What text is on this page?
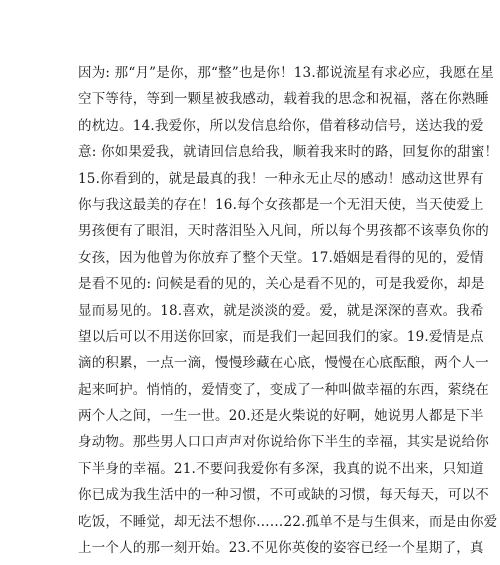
因为: 那“月”是你，那“整”也是你！13.都说流星有求必应，我愿在星
空下等待，等到一颗星被我感动，载着我的思念和祝福，落在你熟睡
的枕边。14.我爱你，所以发信息给你，借着移动信号，送达我的爱
意: 你如果爱我，就请回信息给我，顺着我来时的路，回复你的甜蜜！
15.你看到的，就是最真的我！一种永无止尽的感动！感动这世界有
你与我这最美的存在！16.每个女孩都是一个无泪天使，当天使爱上
男孩便有了眼泪，天时落泪坠入凡间，所以每个男孩都不该辜负你的
女孩，因为他曾为你放弃了整个天堂。17.婚姻是看得的见的，爱情
是看不见的: 问候是看的见的，关心是看不见的，可是我爱你，却是
显而易见的。18.喜欢，就是淡淡的爱。爱，就是深深的喜欢。我希
望以后可以不用送你回家，而是我们一起回我们的家。19.爱情是点
滴的积累，一点一滴，慢慢珍藏在心底，慢慢在心底酝酿，两个人一
起来呵护。悄悄的，爱情变了，变成了一种叫做幸福的东西，萦绕在
两个人之间，一生一世。20.还是火柴说的好啊，她说男人都是下半
身动物。那些男人口口声声对你说给你下半生的幸福，其实是说给你
下半身的幸福。21.不要问我爱你有多深，我真的说不出来，只知道
你已成为我生活中的一种习惯，不可或缺的习惯，每天每天，可以不
吃饭，不睡觉，却无法不想你……22.孤单不是与生俱来，而是由你爱
上一个人的那一刻开始。23.不见你英俊的姿容已经一个星期了，真
